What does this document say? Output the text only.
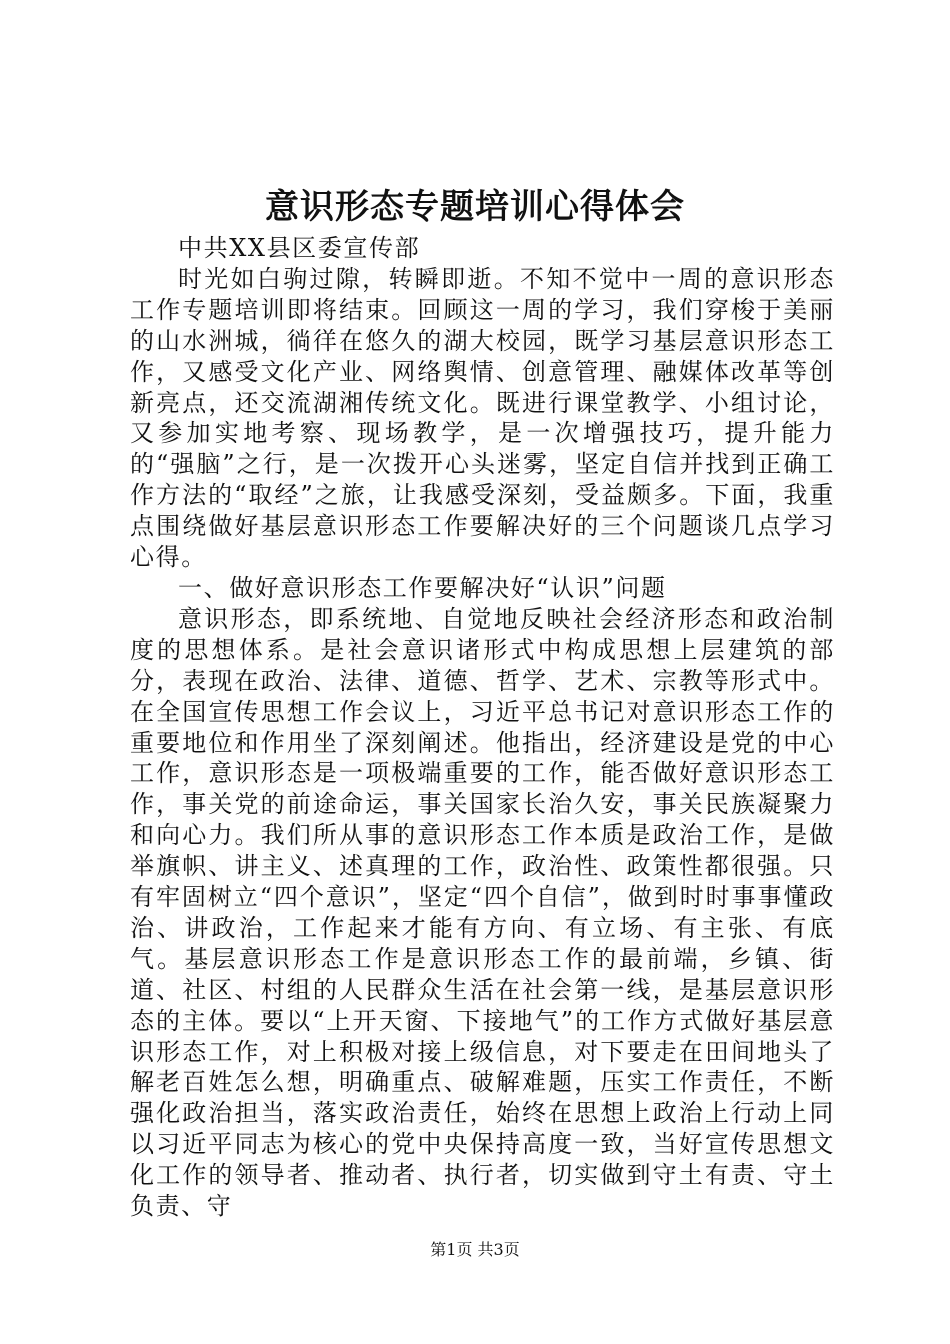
意识形态专题培训心得体会

中共XX县区委宣传部

时光如白驹过隙，转瞬即逝。不知不觉中一周的意识形态工作专题培训即将结束。回顾这一周的学习，我们穿梭于美丽的山水洲城，徜徉在悠久的湖大校园，既学习基层意识形态工作，又感受文化产业、网络舆情、创意管理、融媒体改革等创新亮点，还交流湖湘传统文化。既进行课堂教学、小组讨论，又参加实地考察、现场教学，是一次增强技巧，提升能力的“强脑”之行，是一次拨开心头迷雾，坚定自信并找到正确工作方法的“取经”之旅，让我感受深刻，受益颇多。下面，我重点围绕做好基层意识形态工作要解决好的三个问题谈几点学习心得。

一、做好意识形态工作要解决好“认识”问题

意识形态，即系统地、自觉地反映社会经济形态和政治制度的思想体系。是社会意识诸形式中构成思想上层建筑的部分，表现在政治、法律、道德、哲学、艺术、宗教等形式中。在全国宣传思想工作会议上，习近平总书记对意识形态工作的重要地位和作用坐了深刻阐述。他指出，经济建设是党的中心工作，意识形态是一项极端重要的工作，能否做好意识形态工作，事关党的前途命运，事关国家长治久安，事关民族凝聚力和向心力。我们所从事的意识形态工作本质是政治工作，是做举旗帜、讲主义、述真理的工作，政治性、政策性都很强。只有牢固树立“四个意识”，坚定“四个自信”，做到时时事事懂政治、讲政治，工作起来才能有方向、有立场、有主张、有底气。基层意识形态工作是意识形态工作的最前端，乡镇、街道、社区、村组的人民群众生活在社会第一线，是基层意识形态的主体。要以“上开天窗、下接地气”的工作方式做好基层意识形态工作，对上积极对接上级信息，对下要走在田间地头了解老百姓怎么想，明确重点、破解难题，压实工作责任，不断强化政治担当，落实政治责任，始终在思想上政治上行动上同以习近平同志为核心的党中央保持高度一致，当好宣传思想文化工作的领导者、推动者、执行者，切实做到守土有责、守土负责、守

第1页 共3页
